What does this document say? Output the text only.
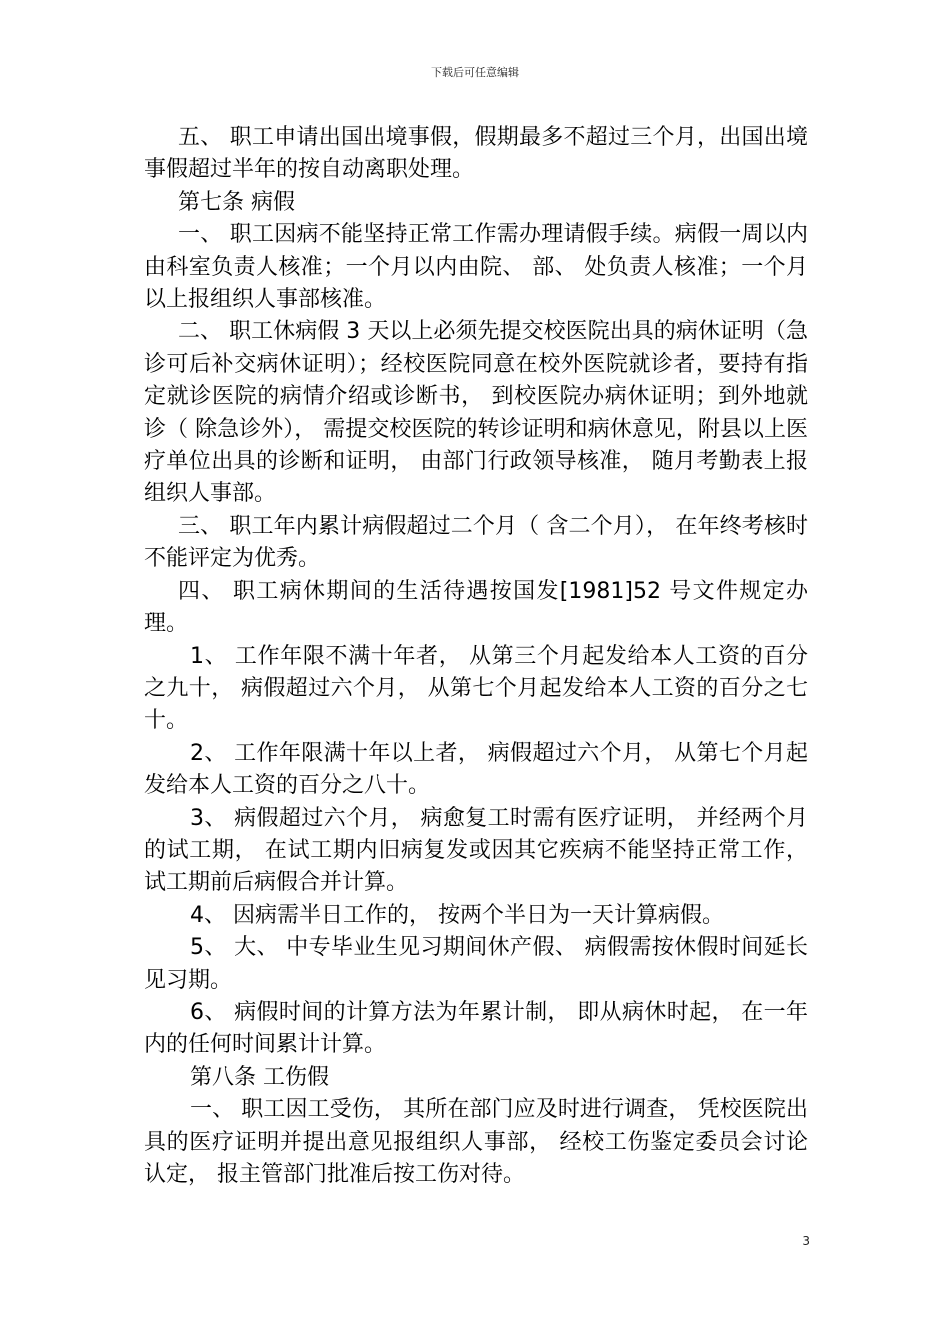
下载后可任意编辑

五、 职工申请出国出境事假，假期最多不超过三个月，出国出境事假超过半年的按自动离职处理。

第七条 病假

一、 职工因病不能坚持正常工作需办理请假手续。病假一周以内由科室负责人核准；一个月以内由院、 部、 处负责人核准；一个月以上报组织人事部核准。

二、 职工休病假 3 天以上必须先提交校医院出具的病休证明（急诊可后补交病休证明）；经校医院同意在校外医院就诊者，要持有指定就诊医院的病情介绍或诊断书， 到校医院办病休证明；到外地就诊（ 除急诊外）， 需提交校医院的转诊证明和病休意见，附县以上医疗单位出具的诊断和证明， 由部门行政领导核准， 随月考勤表上报组织人事部。

三、 职工年内累计病假超过二个月（ 含二个月）， 在年终考核时不能评定为优秀。

四、 职工病休期间的生活待遇按国发[1981]52 号文件规定办理。

1、 工作年限不满十年者， 从第三个月起发给本人工资的百分之九十， 病假超过六个月， 从第七个月起发给本人工资的百分之七十。

2、 工作年限满十年以上者， 病假超过六个月， 从第七个月起发给本人工资的百分之八十。

3、 病假超过六个月， 病愈复工时需有医疗证明， 并经两个月的试工期， 在试工期内旧病复发或因其它疾病不能坚持正常工作， 试工期前后病假合并计算。

4、 因病需半日工作的， 按两个半日为一天计算病假。

5、 大、 中专毕业生见习期间休产假、 病假需按休假时间延长见习期。

6、 病假时间的计算方法为年累计制， 即从病休时起， 在一年内的任何时间累计计算。

第八条 工伤假

一、 职工因工受伤， 其所在部门应及时进行调查， 凭校医院出具的医疗证明并提出意见报组织人事部， 经校工伤鉴定委员会讨论认定， 报主管部门批准后按工伤对待。

3
